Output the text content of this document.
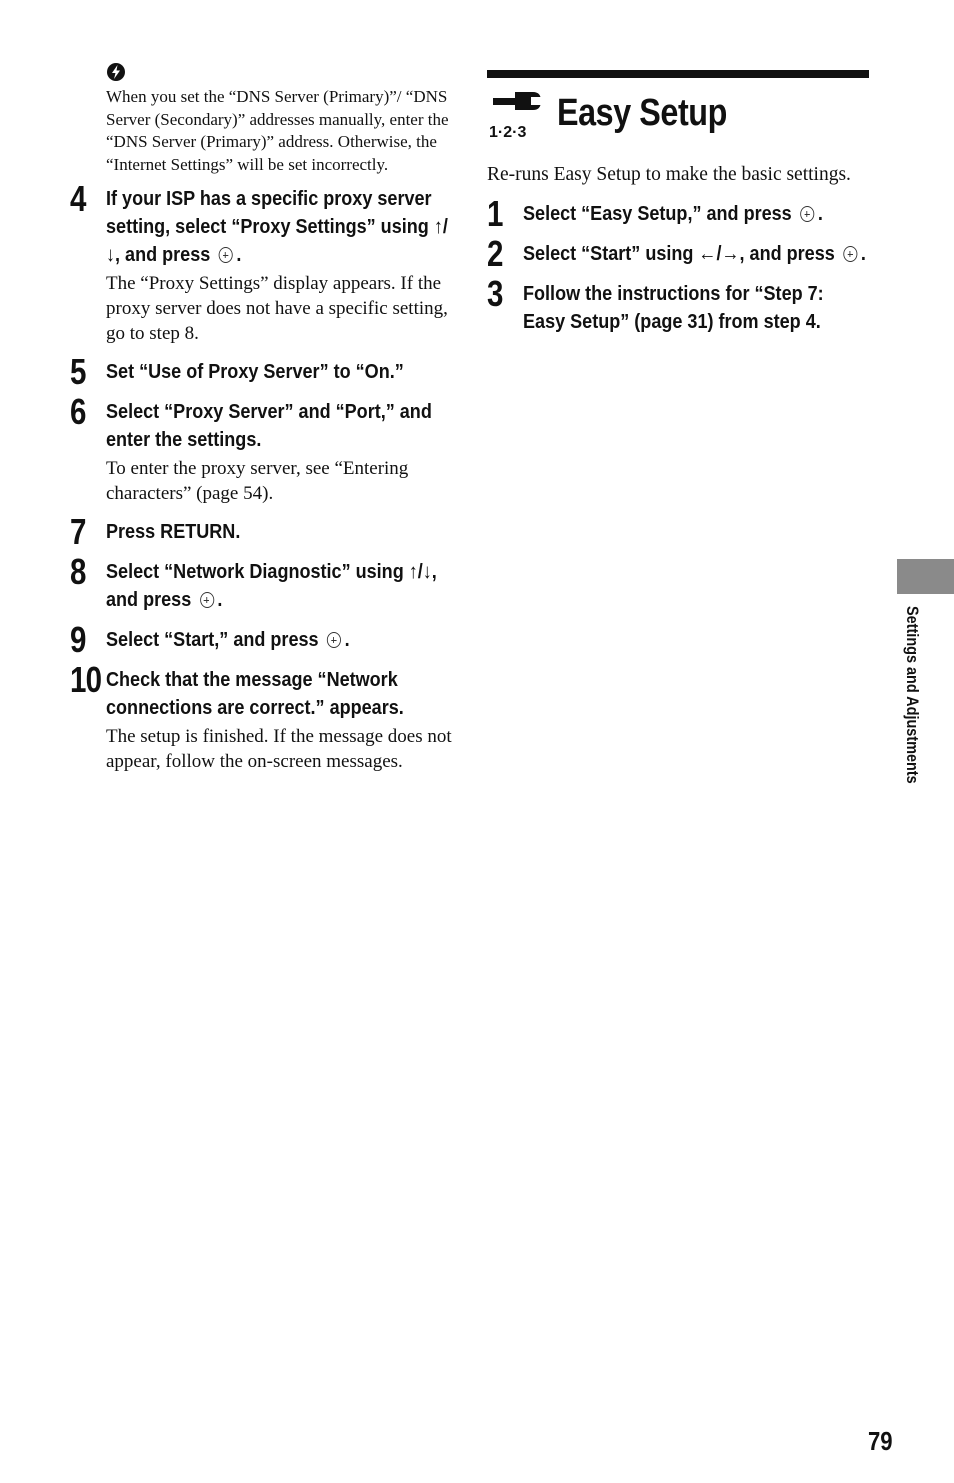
When you set the “DNS Server (Primary)”/ “DNS Server (Secondary)” addresses manually, enter the “DNS Server (Primary)” address. Otherwise, the “Internet Settings” will be set incorrectly.
4 If your ISP has a specific proxy server setting, select “Proxy Settings” using ↑/↓, and press .
The “Proxy Settings” display appears. If the proxy server does not have a specific setting, go to step 8.
5 Set “Use of Proxy Server” to “On.”
6 Select “Proxy Server” and “Port,” and enter the settings.
To enter the proxy server, see “Entering characters” (page 54).
7 Press RETURN.
8 Select “Network Diagnostic” using ↑/↓, and press .
9 Select “Start,” and press .
10 Check that the message “Network connections are correct.” appears.
The setup is finished. If the message does not appear, follow the on-screen messages.
1·2·3 Easy Setup
Re-runs Easy Setup to make the basic settings.
1 Select “Easy Setup,” and press .
2 Select “Start” using ←/→, and press .
3 Follow the instructions for “Step 7: Easy Setup” (page 31) from step 4.
Settings and Adjustments
79
